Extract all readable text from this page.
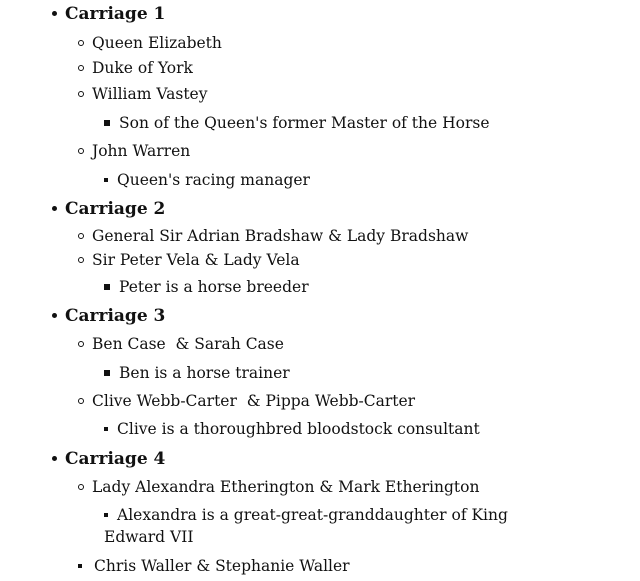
Carriage 1
Queen Elizabeth
Duke of York
William Vastey
Son of the Queen's former Master of the Horse
John Warren
Queen's racing manager
Carriage 2
General Sir Adrian Bradshaw & Lady Bradshaw
Sir Peter Vela & Lady Vela
Peter is a horse breeder
Carriage 3
Ben Case  & Sarah Case
Ben is a horse trainer
Clive Webb-Carter  & Pippa Webb-Carter
Clive is a thoroughbred bloodstock consultant
Carriage 4
Lady Alexandra Etherington & Mark Etherington
Alexandra is a great-great-granddaughter of King Edward VII
Chris Waller & Stephanie Waller
